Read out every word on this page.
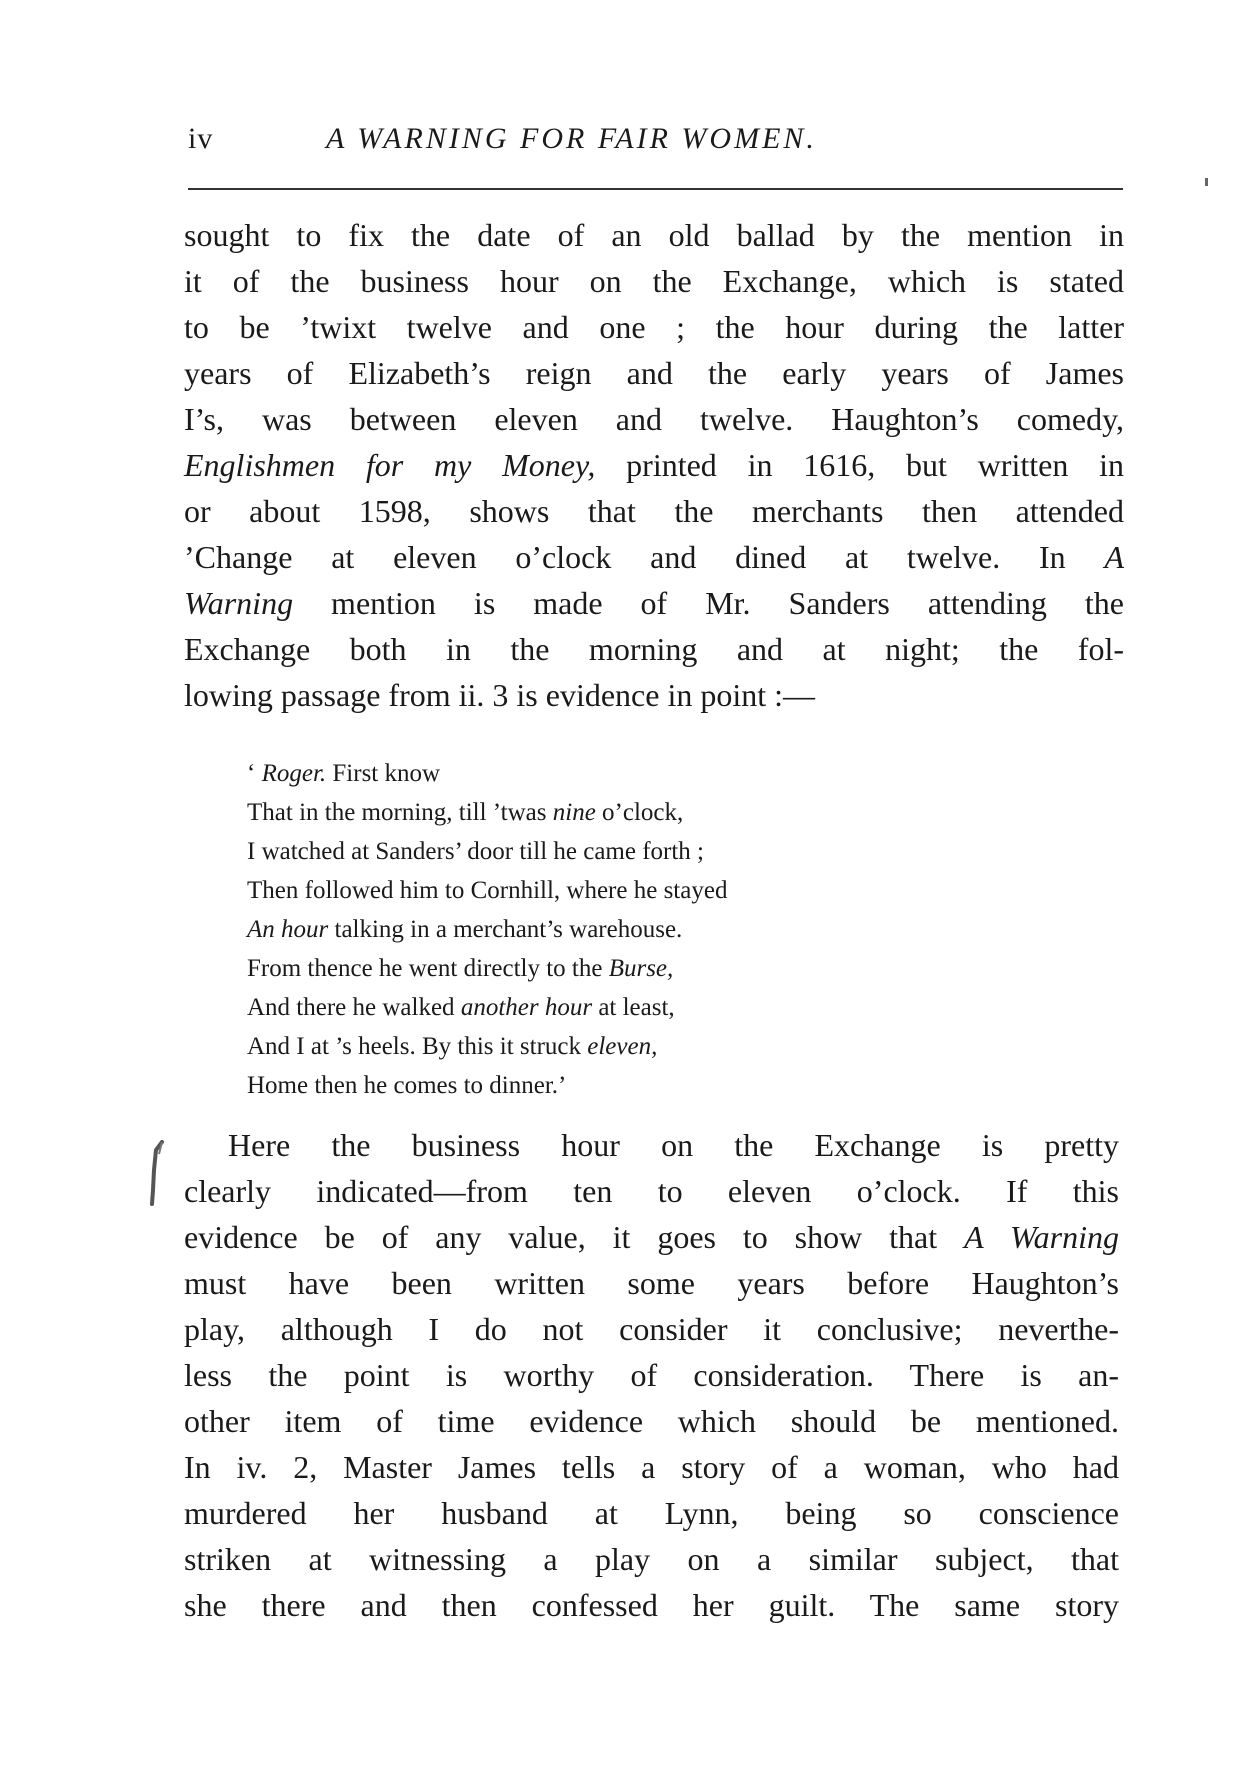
iv	A WARNING FOR FAIR WOMEN.
sought to fix the date of an old ballad by the mention in
it of the business hour on the Exchange, which is stated
to be ’twixt twelve and one ; the hour during the latter
years of Elizabeth’s reign and the early years of James
I’s, was between eleven and twelve. Haughton’s comedy,
Englishmen for my Money, printed in 1616, but written in
or about 1598, shows that the merchants then attended
’Change at eleven o’clock and dined at twelve. In A
Warning mention is made of Mr. Sanders attending the
Exchange both in the morning and at night; the fol-
lowing passage from ii. 3 is evidence in point :—
‘ Roger. First know
That in the morning, till ’twas nine o’clock,
I watched at Sanders’ door till he came forth ;
Then followed him to Cornhill, where he stayed
An hour talking in a merchant’s warehouse.
From thence he went directly to the Burse,
And there he walked another hour at least,
And I at ’s heels. By this it struck eleven,
Home then he comes to dinner.’
Here the business hour on the Exchange is pretty
clearly indicated—from ten to eleven o’clock. If this
evidence be of any value, it goes to show that A Warning
must have been written some years before Haughton’s
play, although I do not consider it conclusive; neverthe-
less the point is worthy of consideration. There is an-
other item of time evidence which should be mentioned.
In iv. 2, Master James tells a story of a woman, who had
murdered her husband at Lynn, being so conscience
striken at witnessing a play on a similar subject, that
she there and then confessed her guilt. The same story
